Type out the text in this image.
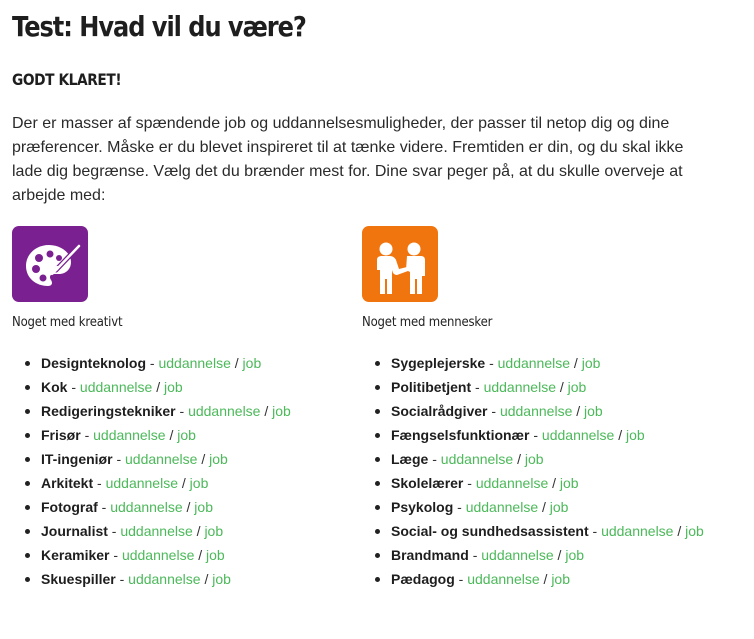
Test: Hvad vil du være?
GODT KLARET!

Der er masser af spændende job og uddannelsesmuligheder, der passer til netop dig og dine præferencer. Måske er du blevet inspireret til at tænke videre. Fremtiden er din, og du skal ikke lade dig begrænse. Vælg det du brænder mest for. Dine svar peger på, at du skulle overveje at arbejde med:

Noget med kreativt
Designteknolog - uddannelse / job
Kok - uddannelse / job
Redigeringstekniker - uddannelse / job
Frisør - uddannelse / job
IT-ingeniør - uddannelse / job
Arkitekt - uddannelse / job
Fotograf - uddannelse / job
Journalist - uddannelse / job
Keramiker - uddannelse / job
Skuespiller - uddannelse / job
Noget med mennesker
Sygeplejerske - uddannelse / job
Politibetjent - uddannelse / job
Socialrådgiver - uddannelse / job
Fængselsfunktionær - uddannelse / job
Læge - uddannelse / job
Skolelærer - uddannelse / job
Psykolog - uddannelse / job
Social- og sundhedsassistent - uddannelse / job
Brandmand - uddannelse / job
Pædagog - uddannelse / job
